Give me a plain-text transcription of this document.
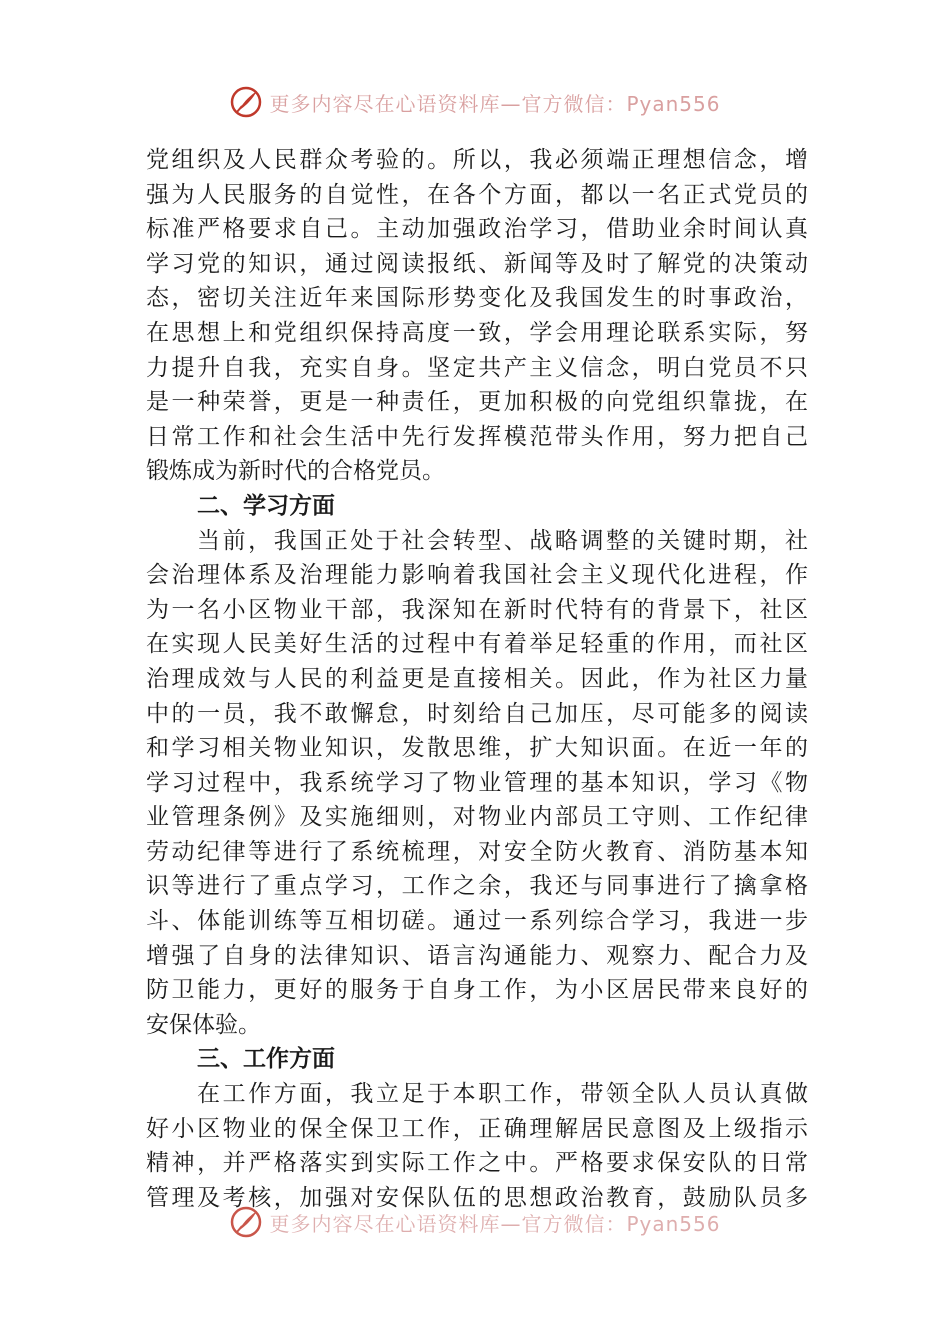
更多内容尽在心语资料库—官方微信：Pyan556
党组织及人民群众考验的。所以，我必须端正理想信念，增
强为人民服务的自觉性，在各个方面，都以一名正式党员的
标准严格要求自己。主动加强政治学习，借助业余时间认真
学习党的知识，通过阅读报纸、新闻等及时了解党的决策动
态，密切关注近年来国际形势变化及我国发生的时事政治，
在思想上和党组织保持高度一致，学会用理论联系实际，努
力提升自我，充实自身。坚定共产主义信念，明白党员不只
是一种荣誉，更是一种责任，更加积极的向党组织靠拢，在
日常工作和社会生活中先行发挥模范带头作用，努力把自己
锻炼成为新时代的合格党员。
二、学习方面
当前，我国正处于社会转型、战略调整的关键时期，社
会治理体系及治理能力影响着我国社会主义现代化进程，作
为一名小区物业干部，我深知在新时代特有的背景下，社区
在实现人民美好生活的过程中有着举足轻重的作用，而社区
治理成效与人民的利益更是直接相关。因此，作为社区力量
中的一员，我不敢懈怠，时刻给自己加压，尽可能多的阅读
和学习相关物业知识，发散思维，扩大知识面。在近一年的
学习过程中，我系统学习了物业管理的基本知识，学习《物
业管理条例》及实施细则，对物业内部员工守则、工作纪律
劳动纪律等进行了系统梳理，对安全防火教育、消防基本知
识等进行了重点学习，工作之余，我还与同事进行了擒拿格
斗、体能训练等互相切磋。通过一系列综合学习，我进一步
增强了自身的法律知识、语言沟通能力、观察力、配合力及
防卫能力，更好的服务于自身工作，为小区居民带来良好的
安保体验。
三、工作方面
在工作方面，我立足于本职工作，带领全队人员认真做
好小区物业的保全保卫工作，正确理解居民意图及上级指示
精神，并严格落实到实际工作之中。严格要求保安队的日常
管理及考核，加强对安保队伍的思想政治教育，鼓励队员多
更多内容尽在心语资料库—官方微信：Pyan556
